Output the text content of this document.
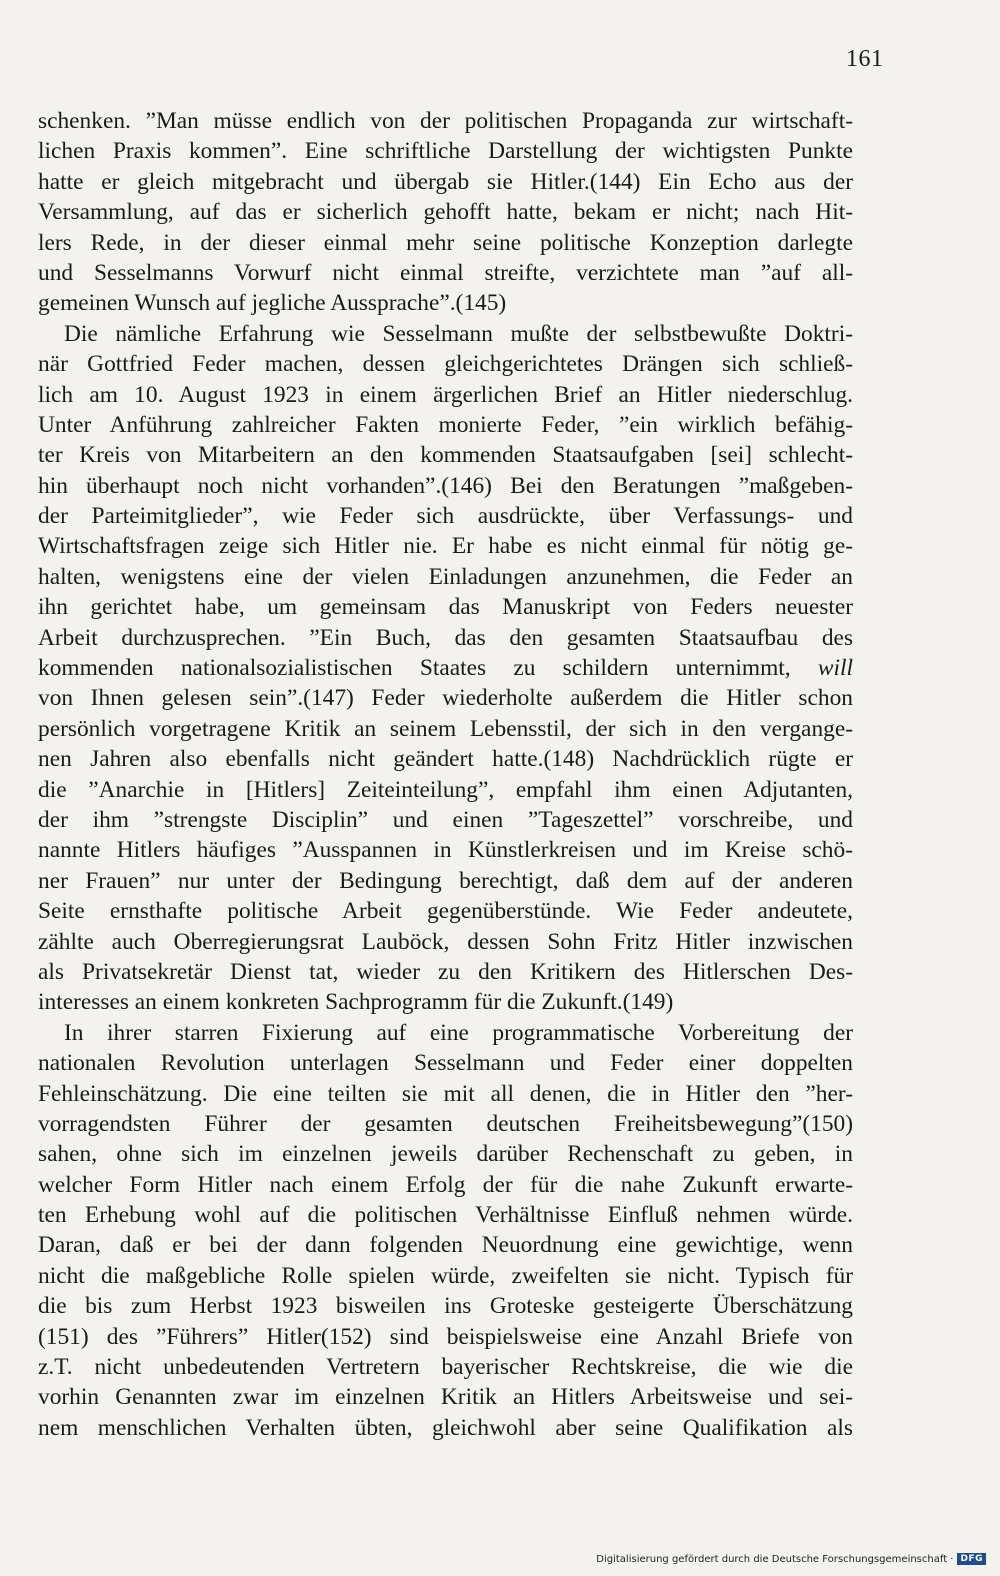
161
schenken. ”Man müsse endlich von der politischen Propaganda zur wirtschaft-
lichen Praxis kommen”. Eine schriftliche Darstellung der wichtigsten Punkte
hatte er gleich mitgebracht und übergab sie Hitler.(144) Ein Echo aus der
Versammlung, auf das er sicherlich gehofft hatte, bekam er nicht; nach Hit-
lers Rede, in der dieser einmal mehr seine politische Konzeption darlegte
und Sesselmanns Vorwurf nicht einmal streifte, verzichtete man ”auf all-
gemeinen Wunsch auf jegliche Aussprache”.(145)
Die nämliche Erfahrung wie Sesselmann mußte der selbstbewußte Doktri-
när Gottfried Feder machen, dessen gleichgerichtetes Drängen sich schließ-
lich am 10. August 1923 in einem ärgerlichen Brief an Hitler niederschlug.
Unter Anführung zahlreicher Fakten monierte Feder, ”ein wirklich befähig-
ter Kreis von Mitarbeitern an den kommenden Staatsaufgaben [sei] schlecht-
hin überhaupt noch nicht vorhanden”.(146) Bei den Beratungen ”maßgeben-
der Parteimitglieder”, wie Feder sich ausdrückte, über Verfassungs- und
Wirtschaftsfragen zeige sich Hitler nie. Er habe es nicht einmal für nötig ge-
halten, wenigstens eine der vielen Einladungen anzunehmen, die Feder an
ihn gerichtet habe, um gemeinsam das Manuskript von Feders neuester
Arbeit durchzusprechen. ”Ein Buch, das den gesamten Staatsaufbau des
kommenden nationalsozialistischen Staates zu schildern unternimmt, will
von Ihnen gelesen sein”.(147) Feder wiederholte außerdem die Hitler schon
persönlich vorgetragene Kritik an seinem Lebensstil, der sich in den vergange-
nen Jahren also ebenfalls nicht geändert hatte.(148) Nachdrücklich rügte er
die ”Anarchie in [Hitlers] Zeiteinteilung”, empfahl ihm einen Adjutanten,
der ihm ”strengste Disciplin” und einen ”Tageszettel” vorschreibe, und
nannte Hitlers häufiges ”Ausspannen in Künstlerkreisen und im Kreise schö-
ner Frauen” nur unter der Bedingung berechtigt, daß dem auf der anderen
Seite ernsthafte politische Arbeit gegenüberstünde. Wie Feder andeutete,
zählte auch Oberregierungsrat Lauböck, dessen Sohn Fritz Hitler inzwischen
als Privatsekretär Dienst tat, wieder zu den Kritikern des Hitlerschen Des-
interesses an einem konkreten Sachprogramm für die Zukunft.(149)
In ihrer starren Fixierung auf eine programmatische Vorbereitung der
nationalen Revolution unterlagen Sesselmann und Feder einer doppelten
Fehleinschätzung. Die eine teilten sie mit all denen, die in Hitler den ”her-
vorragendsten Führer der gesamten deutschen Freiheitsbewegung”(150)
sahen, ohne sich im einzelnen jeweils darüber Rechenschaft zu geben, in
welcher Form Hitler nach einem Erfolg der für die nahe Zukunft erwarte-
ten Erhebung wohl auf die politischen Verhältnisse Einfluß nehmen würde.
Daran, daß er bei der dann folgenden Neuordnung eine gewichtige, wenn
nicht die maßgebliche Rolle spielen würde, zweifelten sie nicht. Typisch für
die bis zum Herbst 1923 bisweilen ins Groteske gesteigerte Überschätzung
(151) des ”Führers” Hitler(152) sind beispielsweise eine Anzahl Briefe von
z.T. nicht unbedeutenden Vertretern bayerischer Rechtskreise, die wie die
vorhin Genannten zwar im einzelnen Kritik an Hitlers Arbeitsweise und sei-
nem menschlichen Verhalten übten, gleichwohl aber seine Qualifikation als
Digitalisierung gefördert durch die Deutsche Forschungsgemeinschaft · DFG
